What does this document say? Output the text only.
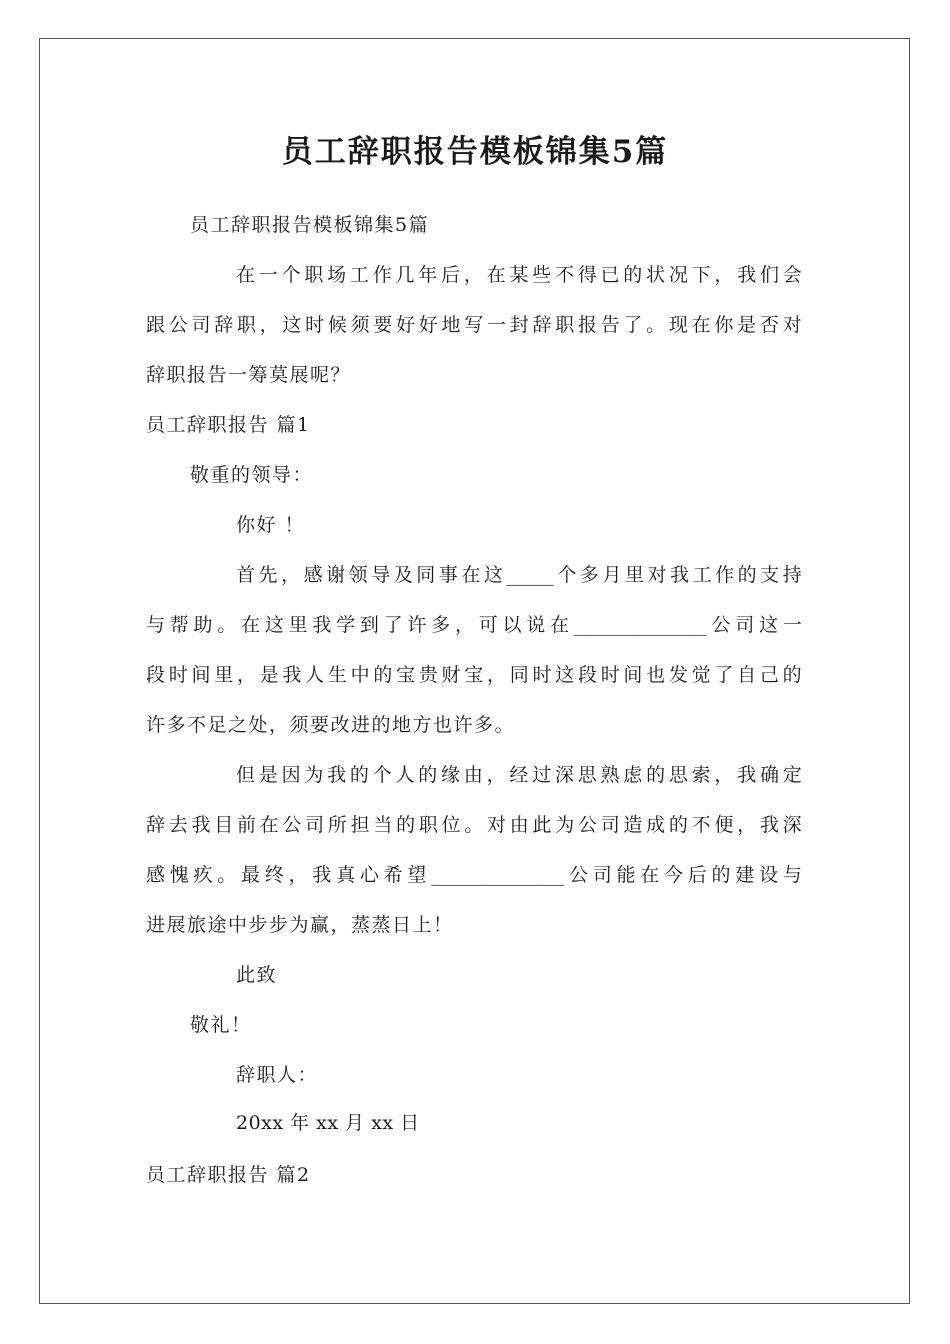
员工辞职报告模板锦集5篇
员工辞职报告模板锦集5篇
在 一 个 职 场 工 作 几 年 后 ， 在 某 些 不 得 已 的 状 况 下 ， 我 们 会
跟 公 司 辞 职 ， 这 时 候 须 要 好 好 地 写 一 封 辞 职 报 告 了 。 现 在 你 是 否 对
辞职报告一筹莫展呢？
员工辞职报告 篇1
敬重的领导：
你好 ！
首 先 ， 感 谢 领 导 及 同 事 在 这 _____ 个 多 月 里 对 我 工 作 的 支 持
与 帮 助 。 在 这 里 我 学 到 了 许 多 ， 可 以 说 在 ______________ 公 司 这 一
段 时 间 里 ， 是 我 人 生 中 的 宝 贵 财 宝 ， 同 时 这 段 时 间 也 发 觉 了 自 己 的
许多不足之处，须要改进的地方也许多。
但 是 因 为 我 的 个 人 的 缘 由 ， 经 过 深 思 熟 虑 的 思 索 ， 我 确 定
辞 去 我 目 前 在 公 司 所 担 当 的 职 位 。 对 由 此 为 公 司 造 成 的 不 便 ， 我 深
感 愧 疚 。 最 终 ， 我 真 心 希 望 ______________ 公 司 能 在 今 后 的 建 设 与
进展旅途中步步为赢，蒸蒸日上！
此致
敬礼！
辞职人：
20xx 年 xx 月 xx 日
员工辞职报告 篇2
